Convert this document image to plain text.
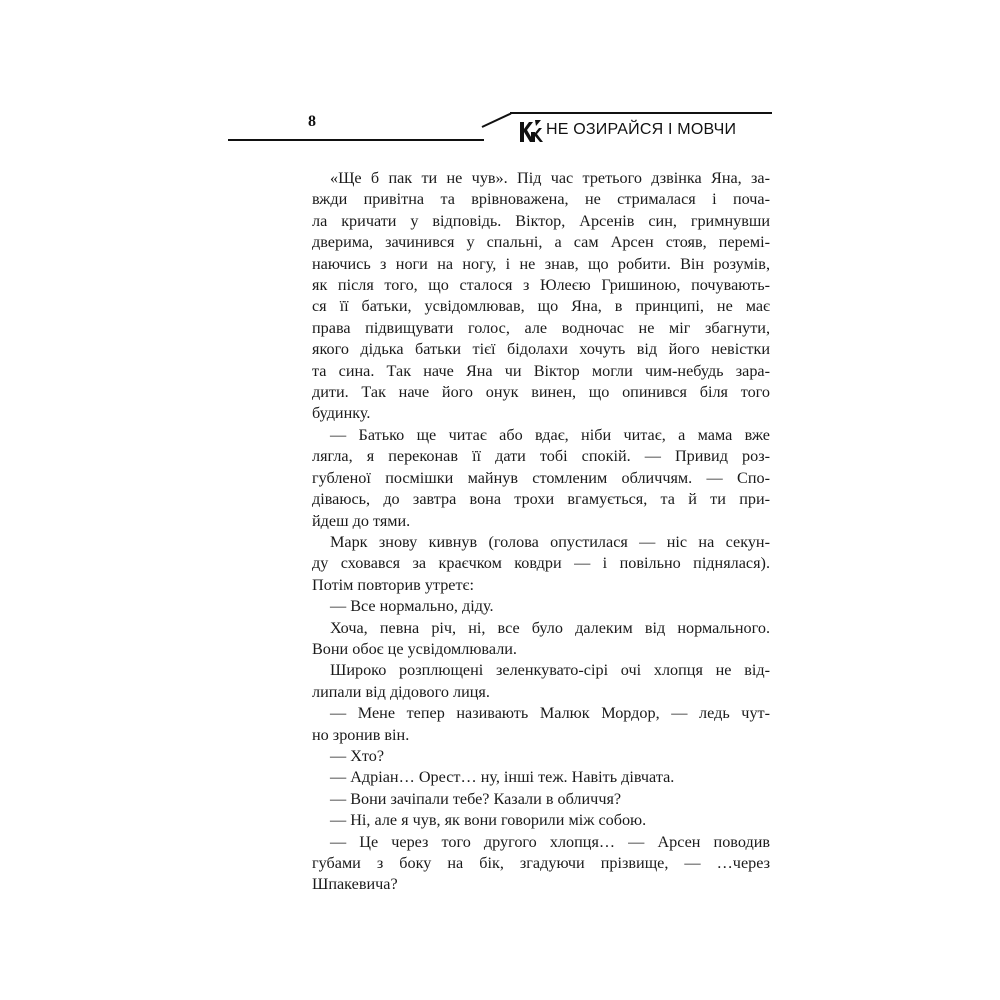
8	НЕ ОЗИРАЙСЯ І МОВЧИ
«Ще б пак ти не чув». Під час третього дзвінка Яна, за-
вжди привітна та врівноважена, не стрималася і поча-
ла кричати у відповідь. Віктор, Арсенів син, гримнувши
дверима, зачинився у спальні, а сам Арсен стояв, перемі-
наючись з ноги на ногу, і не знав, що робити. Він розумів,
як після того, що сталося з Юлеєю Гришиною, почувають-
ся її батьки, усвідомлював, що Яна, в принципі, не має
права підвищувати голос, але водночас не міг збагнути,
якого дідька батьки тієї бідолахи хочуть від його невістки
та сина. Так наче Яна чи Віктор могли чим-небудь зара-
дити. Так наче його онук винен, що опинився біля того
будинку.
— Батько ще читає або вдає, ніби читає, а мама вже
лягла, я переконав її дати тобі спокій. — Привид роз-
губленої посмішки майнув стомленим обличчям. — Спо-
діваюсь, до завтра вона трохи вгамується, та й ти при-
йдеш до тями.
Марк знову кивнув (голова опустилася — ніс на секун-
ду сховався за краєчком ковдри — і повільно піднялася).
Потім повторив утретє:
— Все нормально, діду.
Хоча, певна річ, ні, все було далеким від нормального.
Вони обоє це усвідомлювали.
Широко розплющені зеленкувато-сірі очі хлопця не від-
липали від дідового лиця.
— Мене тепер називають Малюк Мордор, — ледь чут-
но зронив він.
— Хто?
— Адріан… Орест… ну, інші теж. Навіть дівчата.
— Вони зачіпали тебе? Казали в обличчя?
— Ні, але я чув, як вони говорили між собою.
— Це через того другого хлопця… — Арсен поводив
губами з боку на бік, згадуючи прізвище, — …через
Шпакевича?
